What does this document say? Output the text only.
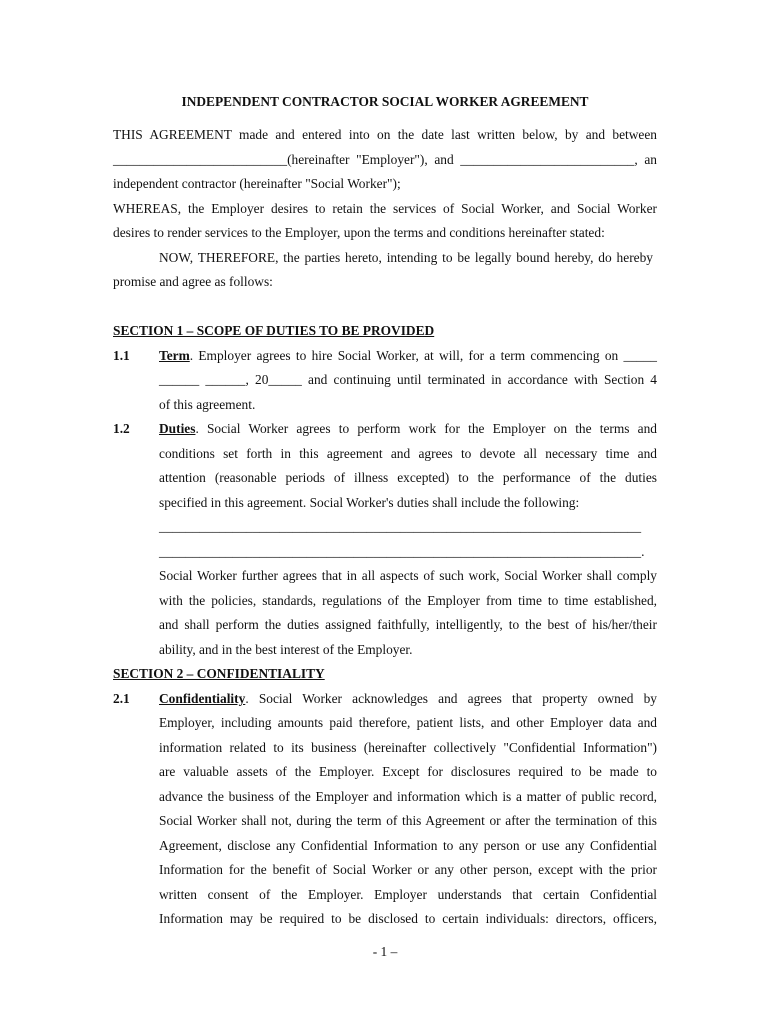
INDEPENDENT CONTRACTOR SOCIAL WORKER AGREEMENT
THIS AGREEMENT made and entered into on the date last written below, by and between
__________________________(hereinafter "Employer"), and __________________________, an
independent contractor (hereinafter "Social Worker");
WHEREAS, the Employer desires to retain the services of Social Worker, and Social Worker
desires to render services to the Employer, upon the terms and conditions hereinafter stated:
NOW, THEREFORE, the parties hereto, intending to be legally bound hereby, do hereby
promise and agree as follows:
SECTION 1 – SCOPE OF DUTIES TO BE PROVIDED
1.1 Term. Employer agrees to hire Social Worker, at will, for a term commencing on _____
______ ______, 20_____ and continuing until terminated in accordance with Section 4
of this agreement.
1.2 Duties. Social Worker agrees to perform work for the Employer on the terms and
conditions set forth in this agreement and agrees to devote all necessary time and
attention (reasonable periods of illness excepted) to the performance of the duties
specified in this agreement. Social Worker's duties shall include the following:
________________________________________________________________________
________________________________________________________________________.
Social Worker further agrees that in all aspects of such work, Social Worker shall comply
with the policies, standards, regulations of the Employer from time to time established,
and shall perform the duties assigned faithfully, intelligently, to the best of his/her/their
ability, and in the best interest of the Employer.
SECTION 2 – CONFIDENTIALITY
2.1 Confidentiality. Social Worker acknowledges and agrees that property owned by
Employer, including amounts paid therefore, patient lists, and other Employer data and
information related to its business (hereinafter collectively "Confidential Information")
are valuable assets of the Employer. Except for disclosures required to be made to
advance the business of the Employer and information which is a matter of public record,
Social Worker shall not, during the term of this Agreement or after the termination of this
Agreement, disclose any Confidential Information to any person or use any Confidential
Information for the benefit of Social Worker or any other person, except with the prior
written consent of the Employer. Employer understands that certain Confidential
Information may be required to be disclosed to certain individuals: directors, officers,
- 1 –
